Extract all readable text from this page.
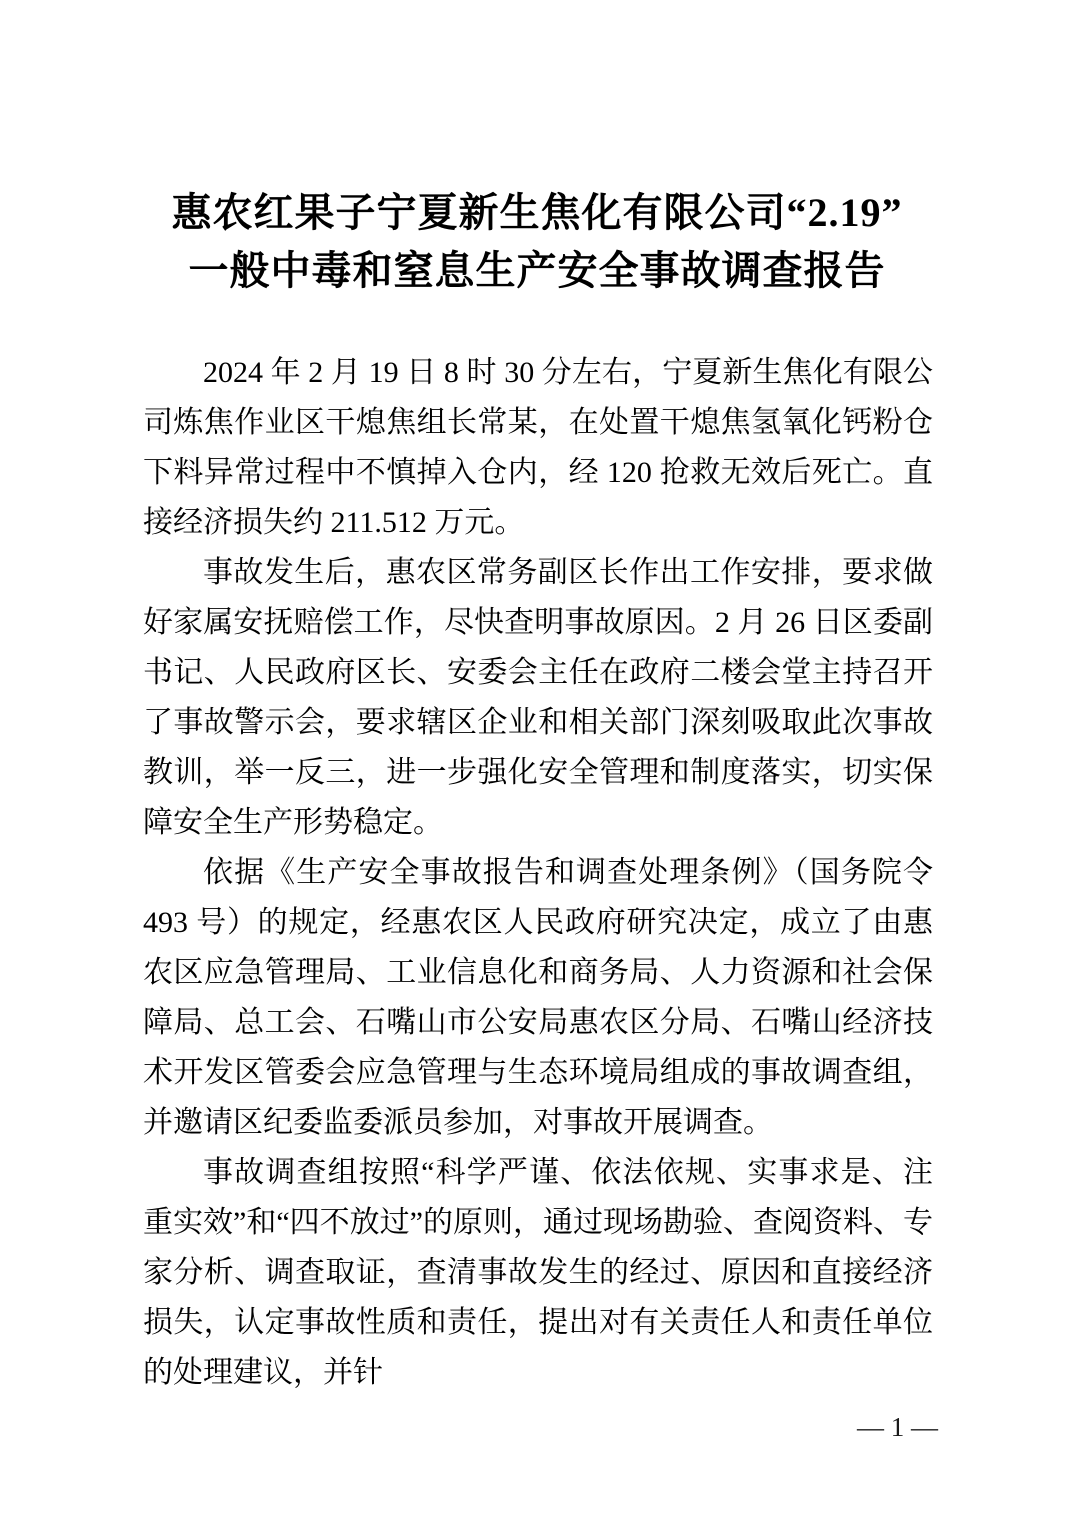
惠农红果子宁夏新生焦化有限公司“2.19”
一般中毒和窒息生产安全事故调查报告

2024 年 2 月 19 日 8 时 30 分左右，宁夏新生焦化有限公司炼焦作业区干熄焦组长常某，在处置干熄焦氢氧化钙粉仓下料异常过程中不慎掉入仓内，经 120 抢救无效后死亡。直接经济损失约 211.512 万元。

事故发生后，惠农区常务副区长作出工作安排，要求做好家属安抚赔偿工作，尽快查明事故原因。2 月 26 日区委副书记、人民政府区长、安委会主任在政府二楼会堂主持召开了事故警示会，要求辖区企业和相关部门深刻吸取此次事故教训，举一反三，进一步强化安全管理和制度落实，切实保障安全生产形势稳定。

依据《生产安全事故报告和调查处理条例》（国务院令 493 号）的规定，经惠农区人民政府研究决定，成立了由惠农区应急管理局、工业信息化和商务局、人力资源和社会保障局、总工会、石嘴山市公安局惠农区分局、石嘴山经济技术开发区管委会应急管理与生态环境局组成的事故调查组，并邀请区纪委监委派员参加，对事故开展调查。

事故调查组按照“科学严谨、依法依规、实事求是、注重实效”和“四不放过”的原则，通过现场勘验、查阅资料、专家分析、调查取证，查清事故发生的经过、原因和直接经济损失，认定事故性质和责任，提出对有关责任人和责任单位的处理建议，并针

— 1 —
